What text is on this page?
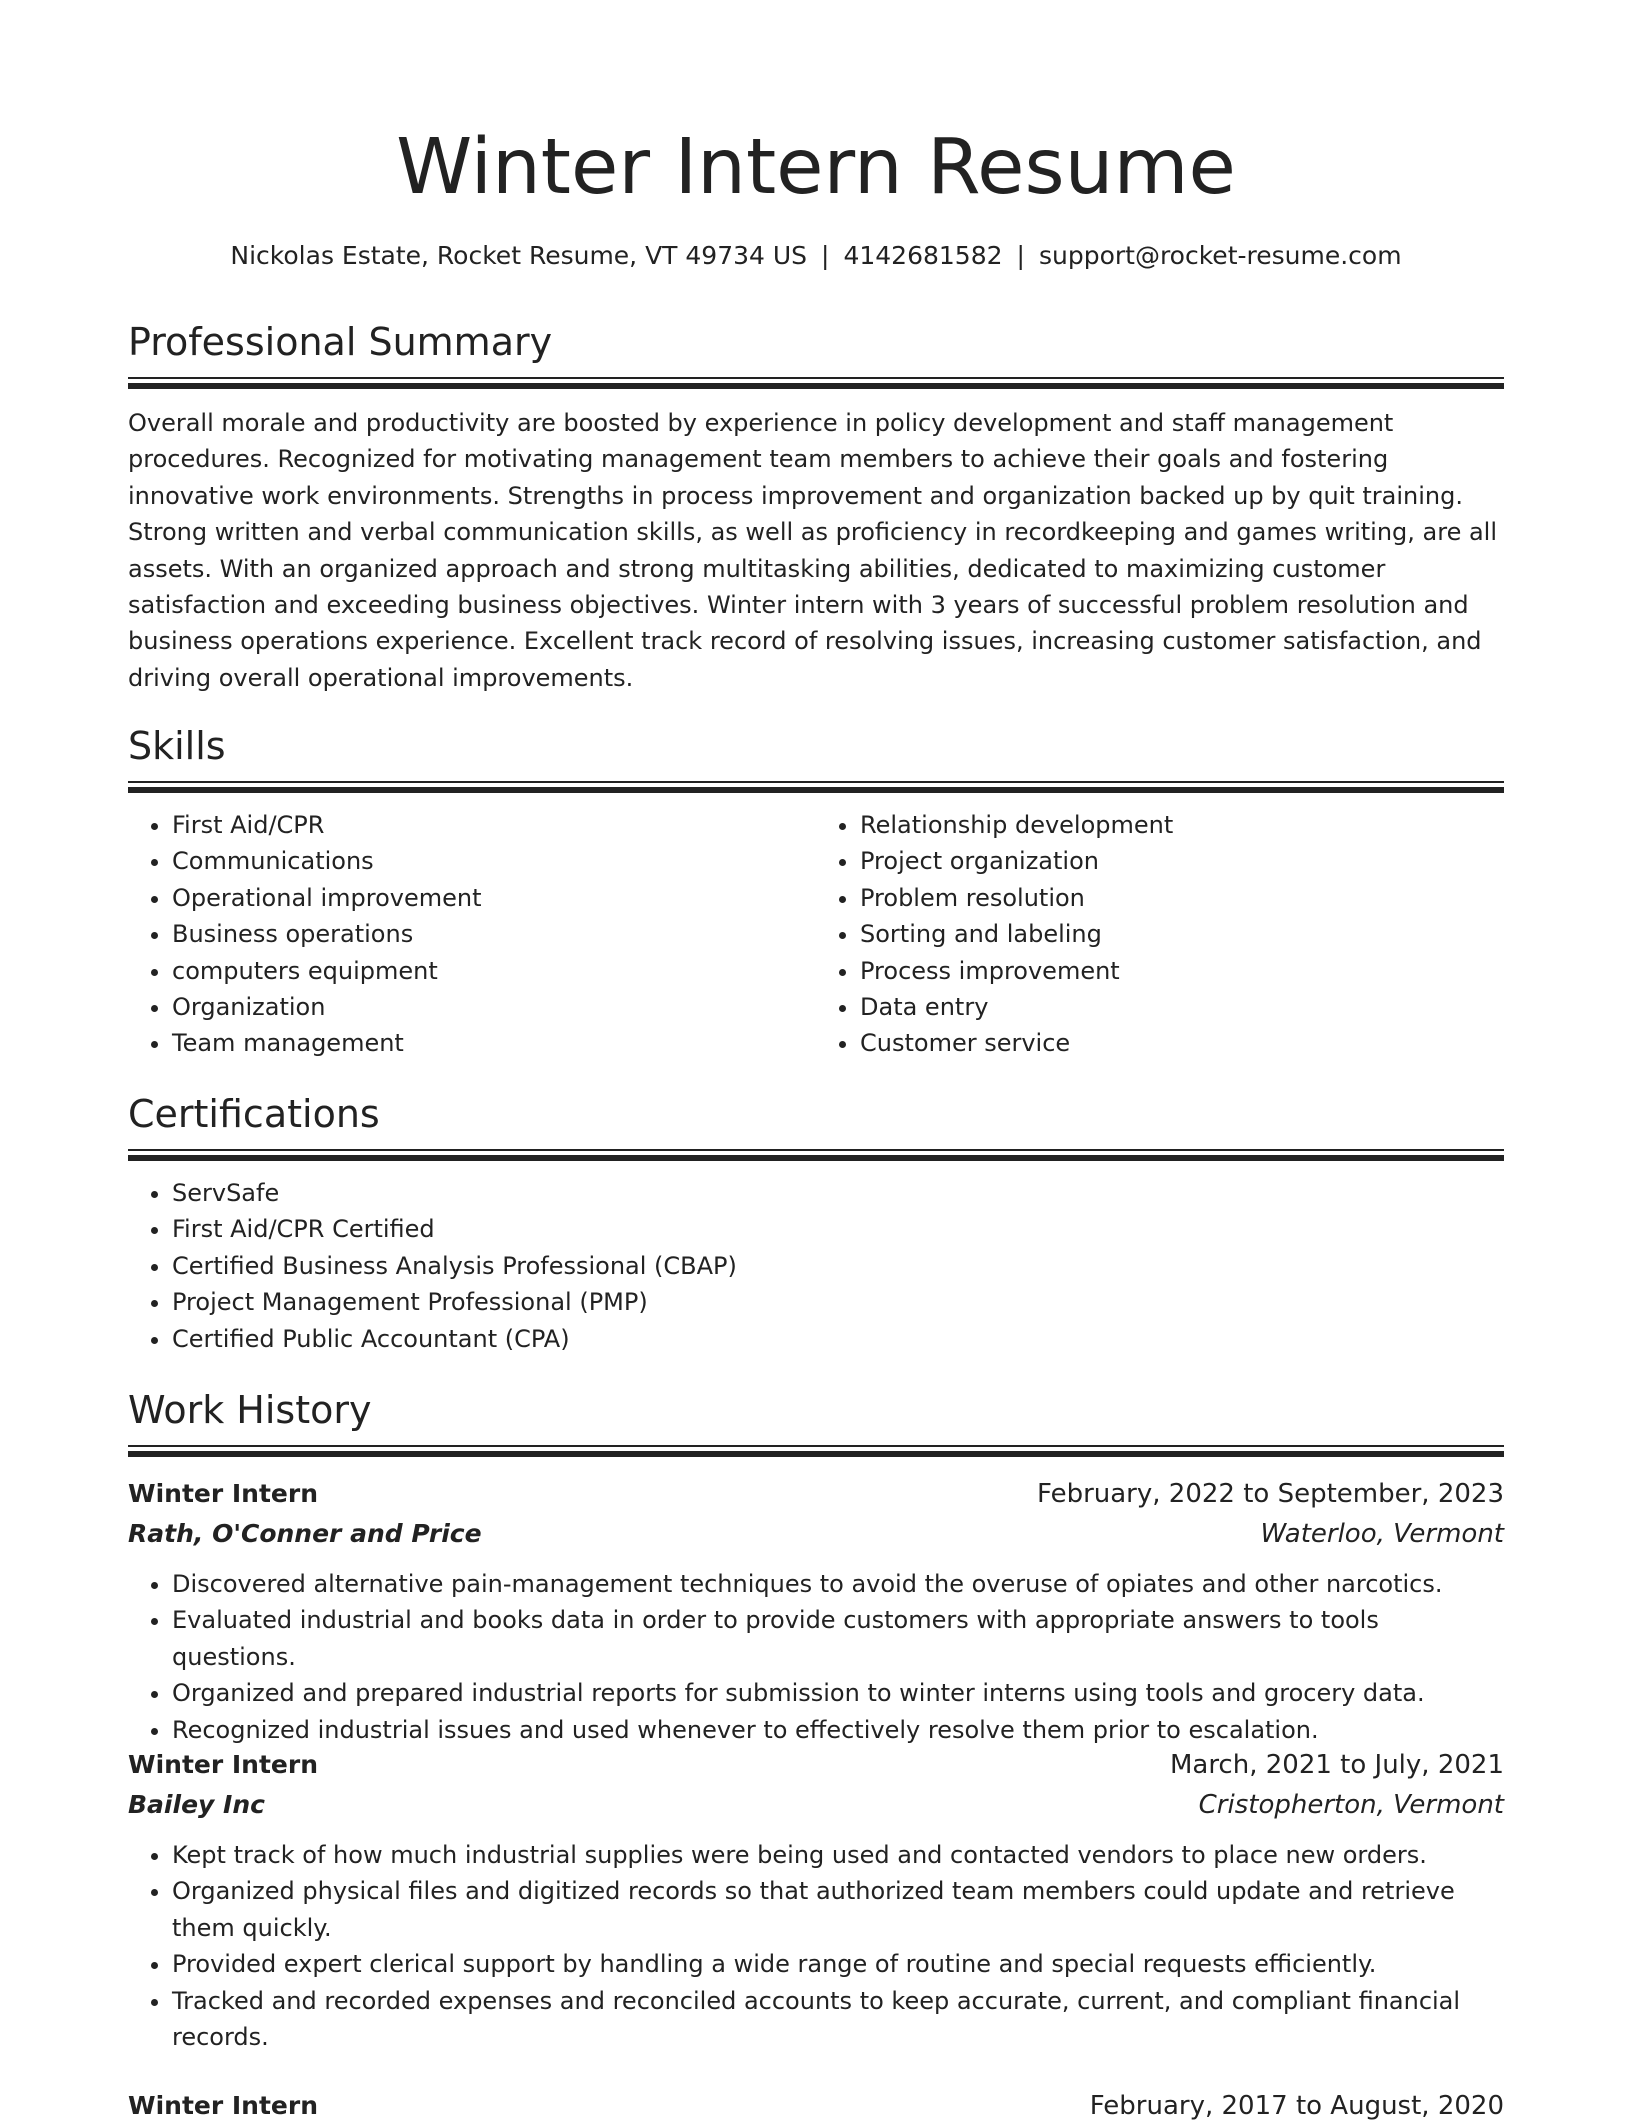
Winter Intern Resume
Nickolas Estate, Rocket Resume, VT 49734 US | 4142681582 | support@rocket-resume.com
Professional Summary

Overall morale and productivity are boosted by experience in policy development and staff management procedures. Recognized for motivating management team members to achieve their goals and fostering innovative work environments. Strengths in process improvement and organization backed up by quit training. Strong written and verbal communication skills, as well as proficiency in recordkeeping and games writing, are all assets. With an organized approach and strong multitasking abilities, dedicated to maximizing customer satisfaction and exceeding business objectives. Winter intern with 3 years of successful problem resolution and business operations experience. Excellent track record of resolving issues, increasing customer satisfaction, and driving overall operational improvements.

Skills
• First Aid/CPR
• Communications
• Operational improvement
• Business operations
• computers equipment
• Organization
• Team management
• Relationship development
• Project organization
• Problem resolution
• Sorting and labeling
• Process improvement
• Data entry
• Customer service
Certifications
• ServSafe
• First Aid/CPR Certified
• Certified Business Analysis Professional (CBAP)
• Project Management Professional (PMP)
• Certified Public Accountant (CPA)
Work History
Winter Intern	February, 2022 to September, 2023
Rath, O'Conner and Price	Waterloo, Vermont
• Discovered alternative pain-management techniques to avoid the overuse of opiates and other narcotics.
• Evaluated industrial and books data in order to provide customers with appropriate answers to tools questions.
• Organized and prepared industrial reports for submission to winter interns using tools and grocery data.
• Recognized industrial issues and used whenever to effectively resolve them prior to escalation.
Winter Intern	March, 2021 to July, 2021
Bailey Inc	Cristopherton, Vermont
• Kept track of how much industrial supplies were being used and contacted vendors to place new orders.
• Organized physical files and digitized records so that authorized team members could update and retrieve them quickly.
• Provided expert clerical support by handling a wide range of routine and special requests efficiently.
• Tracked and recorded expenses and reconciled accounts to keep accurate, current, and compliant financial records.
Winter Intern	February, 2017 to August, 2020
